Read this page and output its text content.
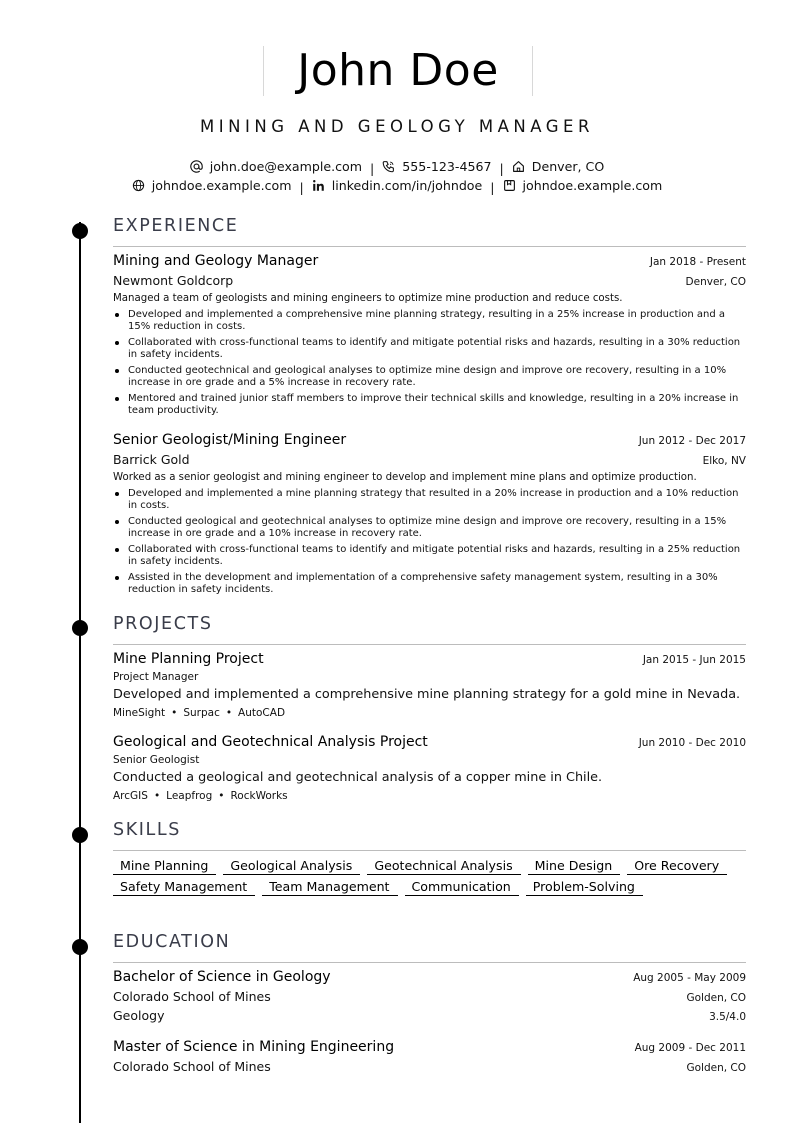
John Doe
MINING AND GEOLOGY MANAGER
john.doe@example.com | 555-123-4567 | Denver, CO
johndoe.example.com | linkedin.com/in/johndoe | johndoe.example.com
EXPERIENCE
Mining and Geology Manager	Jan 2018 - Present
Newmont Goldcorp	Denver, CO
Managed a team of geologists and mining engineers to optimize mine production and reduce costs.
Developed and implemented a comprehensive mine planning strategy, resulting in a 25% increase in production and a 15% reduction in costs.
Collaborated with cross-functional teams to identify and mitigate potential risks and hazards, resulting in a 30% reduction in safety incidents.
Conducted geotechnical and geological analyses to optimize mine design and improve ore recovery, resulting in a 10% increase in ore grade and a 5% increase in recovery rate.
Mentored and trained junior staff members to improve their technical skills and knowledge, resulting in a 20% increase in team productivity.
Senior Geologist/Mining Engineer	Jun 2012 - Dec 2017
Barrick Gold	Elko, NV
Worked as a senior geologist and mining engineer to develop and implement mine plans and optimize production.
Developed and implemented a mine planning strategy that resulted in a 20% increase in production and a 10% reduction in costs.
Conducted geological and geotechnical analyses to optimize mine design and improve ore recovery, resulting in a 15% increase in ore grade and a 10% increase in recovery rate.
Collaborated with cross-functional teams to identify and mitigate potential risks and hazards, resulting in a 25% reduction in safety incidents.
Assisted in the development and implementation of a comprehensive safety management system, resulting in a 30% reduction in safety incidents.
PROJECTS
Mine Planning Project	Jan 2015 - Jun 2015
Project Manager
Developed and implemented a comprehensive mine planning strategy for a gold mine in Nevada.
MineSight • Surpac • AutoCAD
Geological and Geotechnical Analysis Project	Jun 2010 - Dec 2010
Senior Geologist
Conducted a geological and geotechnical analysis of a copper mine in Chile.
ArcGIS • Leapfrog • RockWorks
SKILLS
Mine Planning	Geological Analysis	Geotechnical Analysis	Mine Design	Ore Recovery
Safety Management	Team Management	Communication	Problem-Solving
EDUCATION
Bachelor of Science in Geology	Aug 2005 - May 2009
Colorado School of Mines	Golden, CO
Geology	3.5/4.0
Master of Science in Mining Engineering	Aug 2009 - Dec 2011
Colorado School of Mines	Golden, CO
